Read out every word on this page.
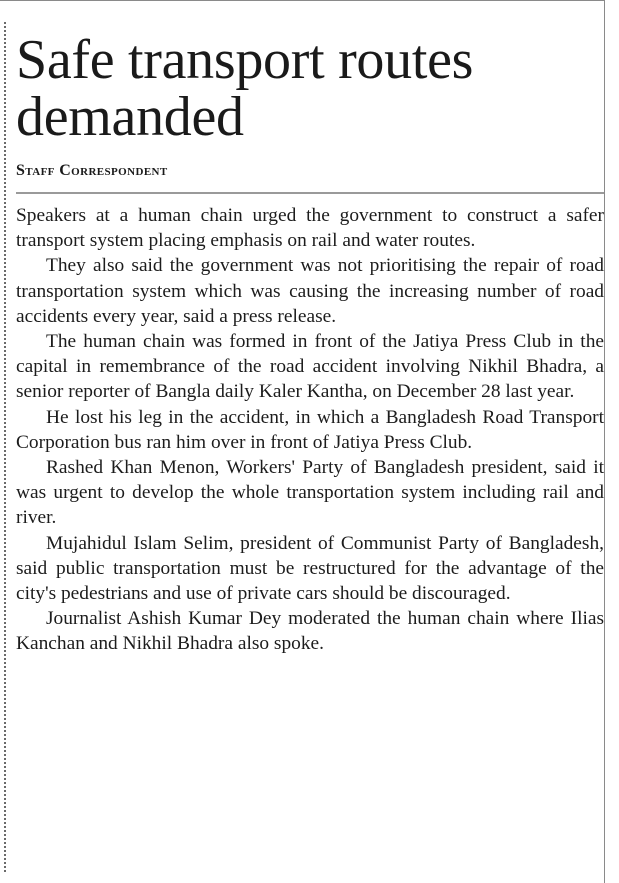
Safe transport routes demanded
Staff Correspondent

Speakers at a human chain urged the government to construct a safer transport system placing emphasis on rail and water routes.

They also said the government was not prioritising the repair of road transportation system which was causing the increasing number of road accidents every year, said a press release.

The human chain was formed in front of the Jatiya Press Club in the capital in remembrance of the road accident involving Nikhil Bhadra, a senior reporter of Bangla daily Kaler Kantha, on December 28 last year.

He lost his leg in the accident, in which a Bangladesh Road Transport Corporation bus ran him over in front of Jatiya Press Club.

Rashed Khan Menon, Workers' Party of Bangladesh president, said it was urgent to develop the whole transportation system including rail and river.

Mujahidul Islam Selim, president of Communist Party of Bangladesh, said public transportation must be restructured for the advantage of the city's pedestrians and use of private cars should be discouraged.

Journalist Ashish Kumar Dey moderated the human chain where Ilias Kanchan and Nikhil Bhadra also spoke.
